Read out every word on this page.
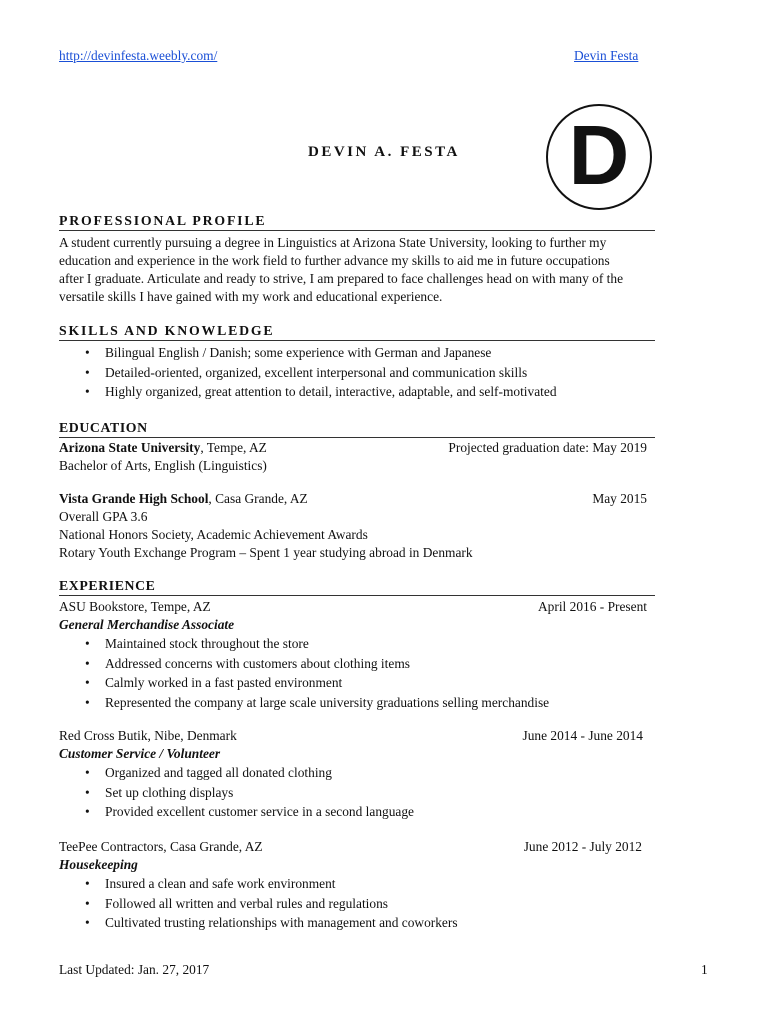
http://devinfesta.weebly.com/	Devin Festa
DEVIN A. FESTA D
PROFESSIONAL PROFILE
A student currently pursuing a degree in Linguistics at Arizona State University, looking to further my
education and experience in the work field to further advance my skills to aid me in future occupations
after I graduate. Articulate and ready to strive, I am prepared to face challenges head on with many of the
versatile skills I have gained with my work and educational experience.
SKILLS AND KNOWLEDGE
• Bilingual English / Danish; some experience with German and Japanese
• Detailed-oriented, organized, excellent interpersonal and communication skills
• Highly organized, great attention to detail, interactive, adaptable, and self-motivated
EDUCATION
Arizona State University, Tempe, AZ	Projected graduation date: May 2019
Bachelor of Arts, English (Linguistics)
Vista Grande High School, Casa Grande, AZ	May 2015
Overall GPA 3.6
National Honors Society, Academic Achievement Awards
Rotary Youth Exchange Program – Spent 1 year studying abroad in Denmark
EXPERIENCE
ASU Bookstore, Tempe, AZ	April 2016 - Present
General Merchandise Associate
• Maintained stock throughout the store
• Addressed concerns with customers about clothing items
• Calmly worked in a fast pasted environment
• Represented the company at large scale university graduations selling merchandise
Red Cross Butik, Nibe, Denmark	June 2014 - June 2014
Customer Service / Volunteer
• Organized and tagged all donated clothing
• Set up clothing displays
• Provided excellent customer service in a second language
TeePee Contractors, Casa Grande, AZ	June 2012 - July 2012
Housekeeping
• Insured a clean and safe work environment
• Followed all written and verbal rules and regulations
• Cultivated trusting relationships with management and coworkers
Last Updated: Jan. 27, 2017	1
